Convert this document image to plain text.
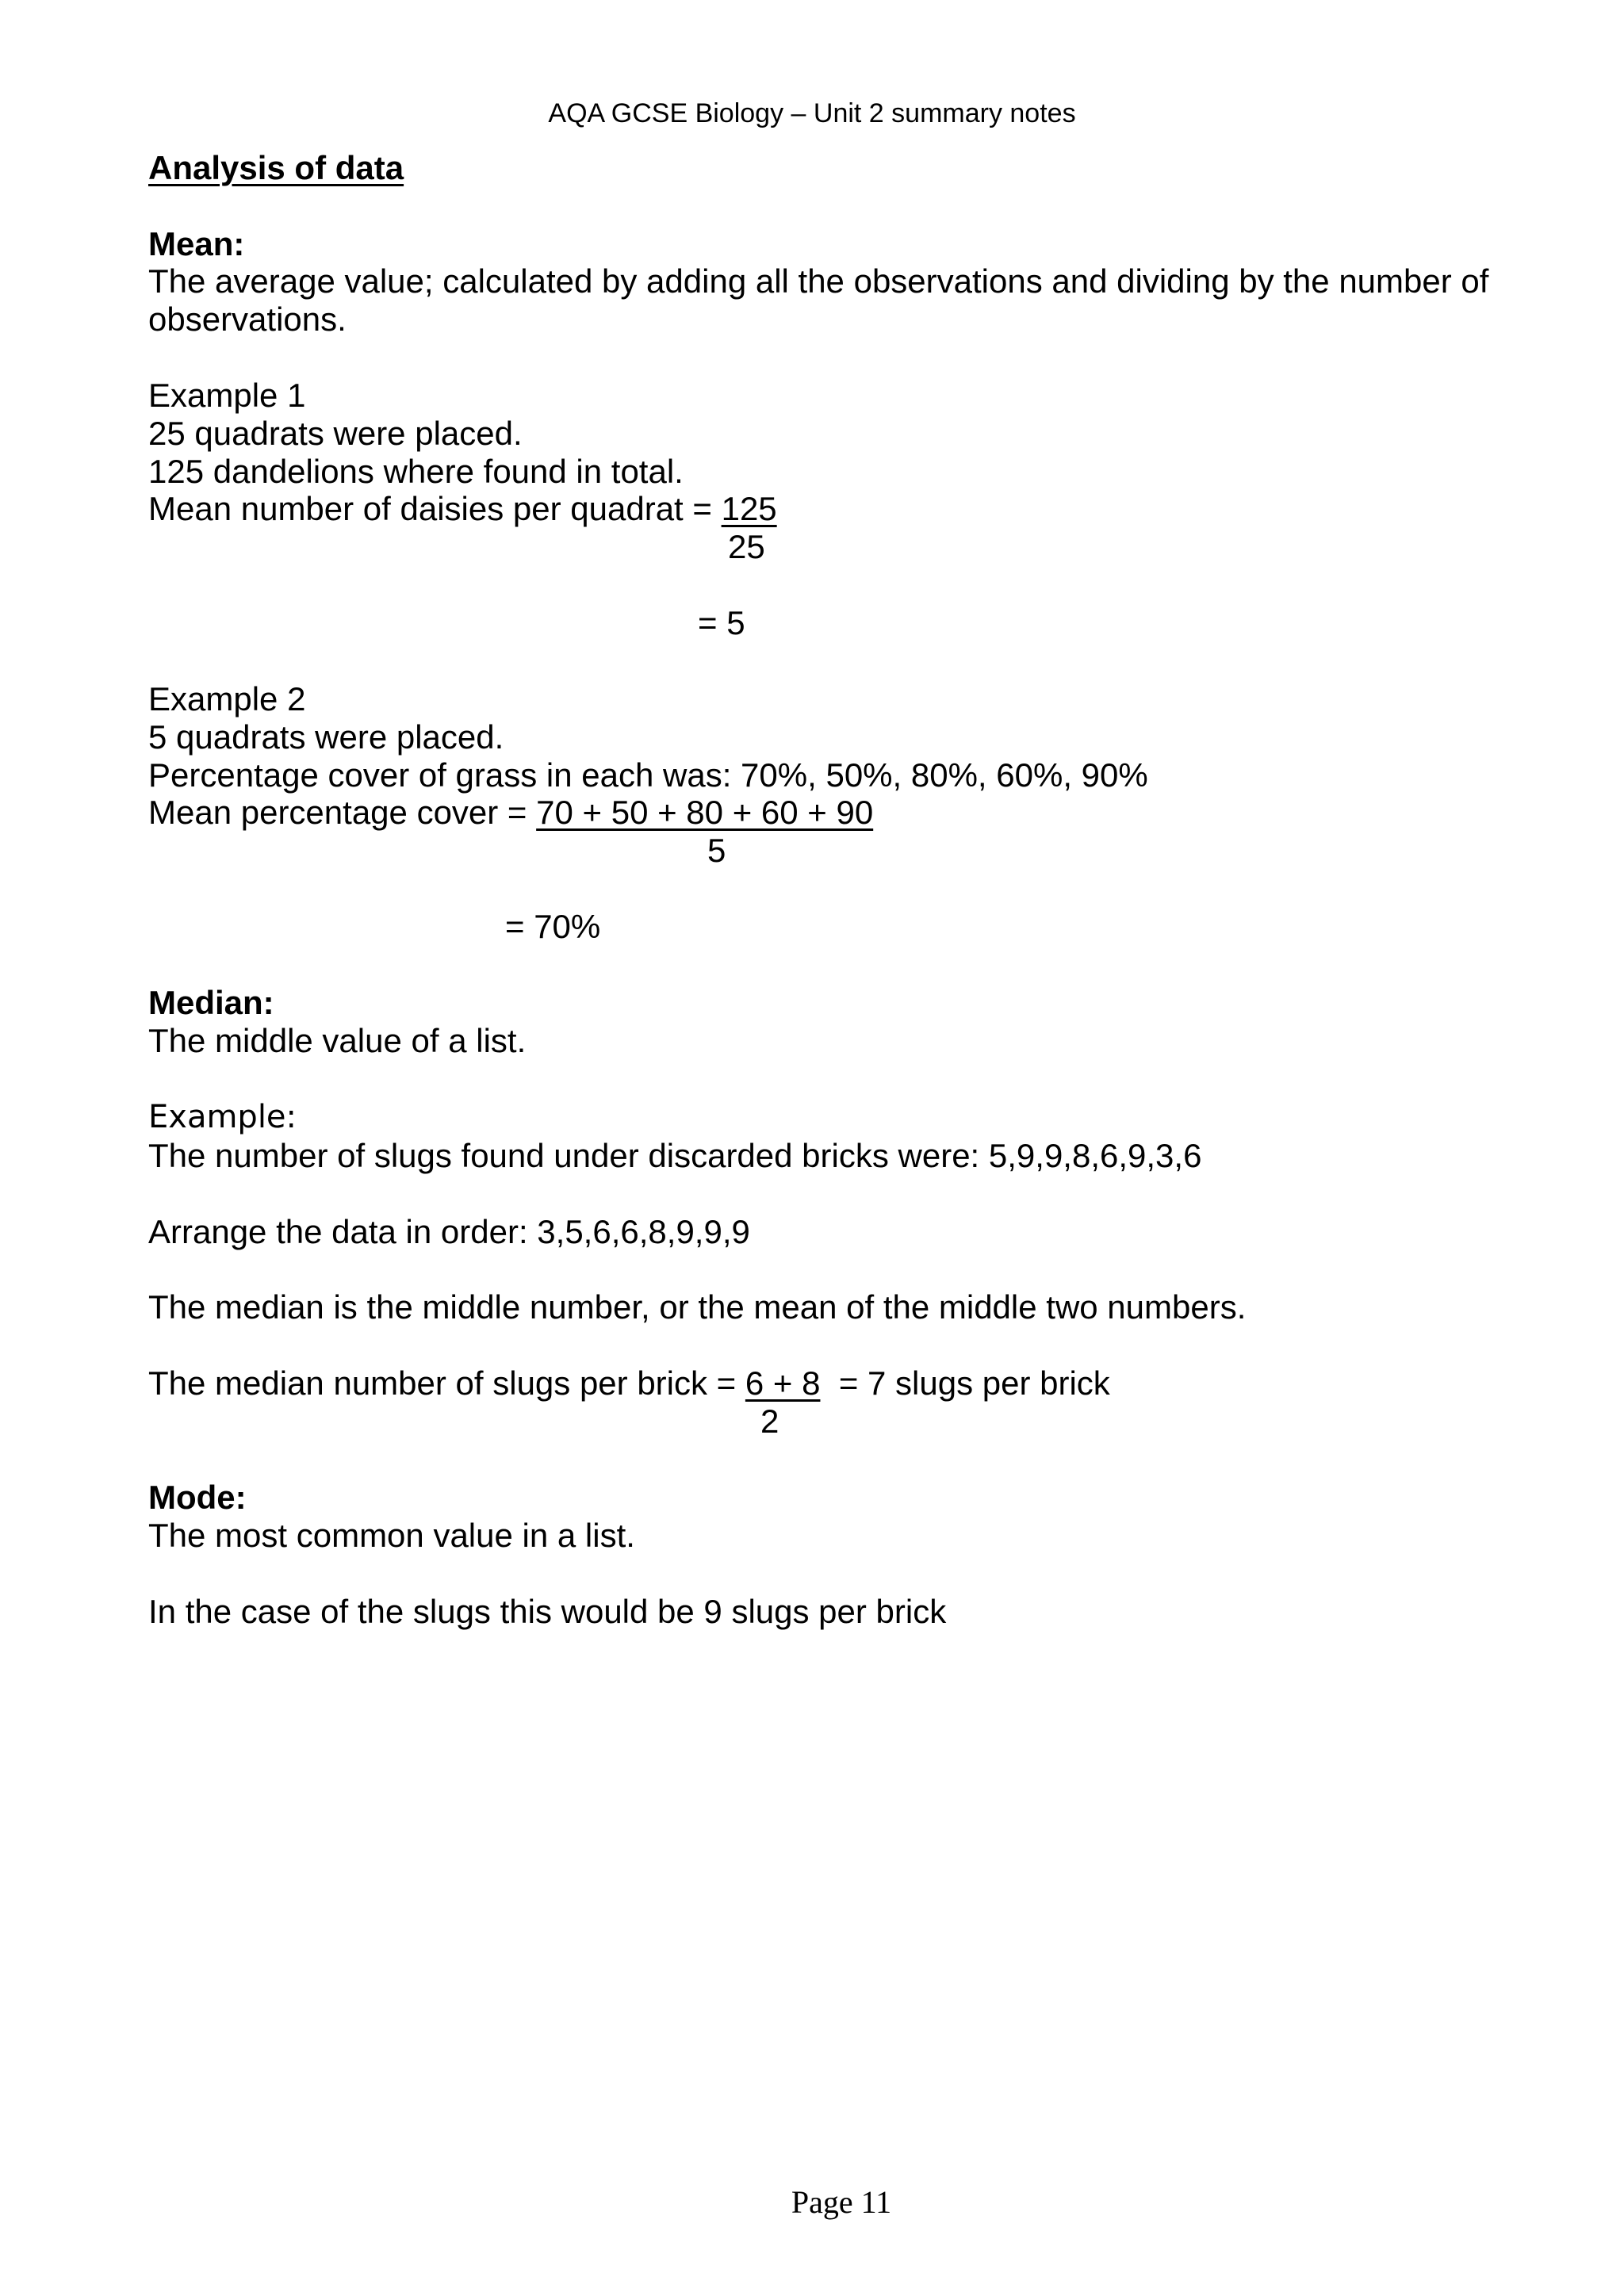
AQA GCSE Biology – Unit 2 summary notes
Analysis of data
Mean:
The average value; calculated by adding all the observations and dividing by the number of
observations.
Example 1
25 quadrats were placed.
125 dandelions where found in total.
Mean number of daisies per quadrat = 125
25
= 5
Example 2
5 quadrats were placed.
Percentage cover of grass in each was: 70%, 50%, 80%, 60%, 90%
Mean percentage cover = 70 + 50 + 80 + 60 + 90
5
= 70%
Median:
The middle value of a list.
Example:
The number of slugs found under discarded bricks were: 5,9,9,8,6,9,3,6
Arrange the data in order: 3,5,6,6,8,9,9,9
The median is the middle number, or the mean of the middle two numbers.
The median number of slugs per brick = 6 + 8 = 7 slugs per brick
2
Mode:
The most common value in a list.
In the case of the slugs this would be 9 slugs per brick
Page 11
